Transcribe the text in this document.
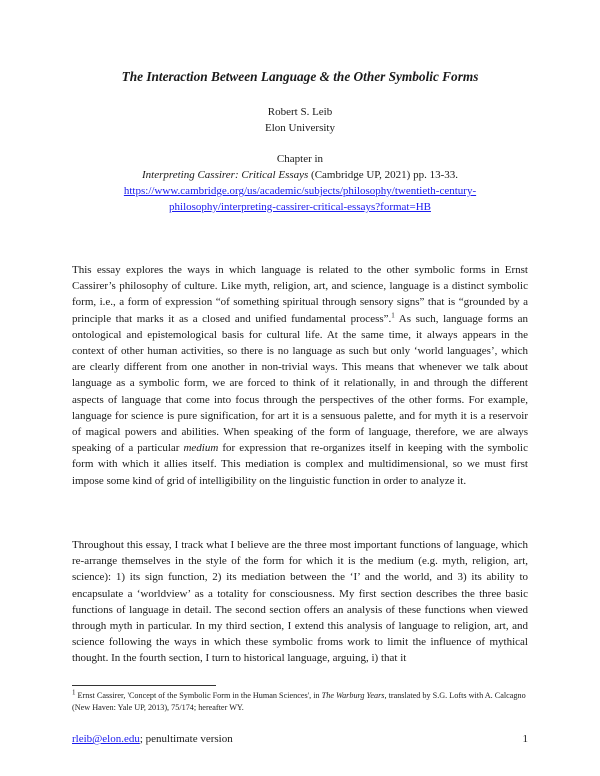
The Interaction Between Language & the Other Symbolic Forms
Robert S. Leib
Elon University
Chapter in
Interpreting Cassirer: Critical Essays (Cambridge UP, 2021) pp. 13-33.
https://www.cambridge.org/us/academic/subjects/philosophy/twentieth-century-
philosophy/interpreting-cassirer-critical-essays?format=HB

This essay explores the ways in which language is related to the other symbolic forms in Ernst Cassirer’s philosophy of culture. Like myth, religion, art, and science, language is a distinct symbolic form, i.e., a form of expression “of something spiritual through sensory signs” that is “grounded by a principle that marks it as a closed and unified fundamental process”.$^1$ As such, language forms an ontological and epistemological basis for cultural life. At the same time, it always appears in the context of other human activities, so there is no language as such but only ‘world languages’, which are clearly different from one another in non-trivial ways. This means that whenever we talk about language as a symbolic form, we are forced to think of it relationally, in and through the different aspects of language that come into focus through the perspectives of the other forms. For example, language for science is pure signification, for art it is a sensuous palette, and for myth it is a reservoir of magical powers and abilities. When speaking of the form of language, therefore, we are always speaking of a particular medium for expression that re-organizes itself in keeping with the symbolic form with which it allies itself. This mediation is complex and multidimensional, so we must first impose some kind of grid of intelligibility on the linguistic function in order to analyze it.

Throughout this essay, I track what I believe are the three most important functions of language, which re-arrange themselves in the style of the form for which it is the medium (e.g. myth, religion, art, science): 1) its sign function, 2) its mediation between the ‘I’ and the world, and 3) its ability to encapsulate a ‘worldview’ as a totality for consciousness. My first section describes the three basic functions of language in detail. The second section offers an analysis of these functions when viewed through myth in particular. In my third section, I extend this analysis of language to religion, art, and science following the ways in which these symbolic froms work to limit the influence of mythical thought. In the fourth section, I turn to historical language, arguing, i) that it

$^1$ Ernst Cassirer, 'Concept of the Symbolic Form in the Human Sciences', in The Warburg Years, translated by S.G. Lofts with A. Calcagno (New Haven: Yale UP, 2013), 75/174; hereafter WY.

rleib@elon.edu; penultimate version	1
